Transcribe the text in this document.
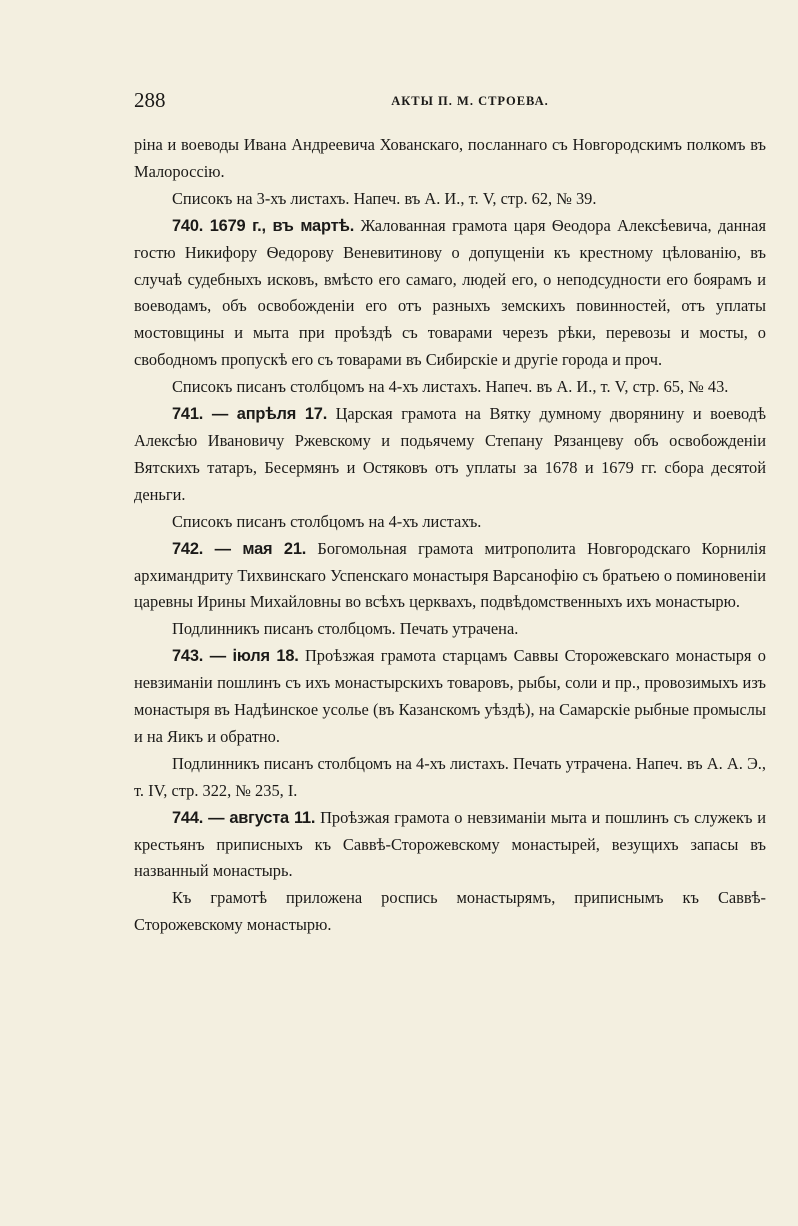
288	АКТЫ П. М. СТРОЕВА.

ріна и воеводы Ивана Андреевича Хованскаго, посланнаго съ Новгородскимъ полкомъ въ Малороссію.

Списокъ на 3-хъ листахъ. Напеч. въ А. И., т. V, стр. 62, № 39.

740. 1679 г., въ мартѣ. Жалованная грамота царя Ѳеодора Алексѣевича, данная гостю Никифору Ѳедорову Веневитинову о допущеніи къ крестному цѣлованію, въ случаѣ судебныхъ исковъ, вмѣсто его самаго, людей его, о неподсудности его боярамъ и воеводамъ, объ освобожденіи его отъ разныхъ земскихъ повинностей, отъ уплаты мостовщины и мыта при проѣздѣ съ товарами черезъ рѣки, перевозы и мосты, о свободномъ пропускѣ его съ товарами въ Сибирскіе и другіе города и проч.

Списокъ писанъ столбцомъ на 4-хъ листахъ. Напеч. въ А. И., т. V, стр. 65, № 43.

741. — апрѣля 17. Царская грамота на Вятку думному дворянину и воеводѣ Алексѣю Ивановичу Ржевскому и подьячему Степану Рязанцеву объ освобожденіи Вятскихъ татаръ, Бесермянъ и Остяковъ отъ уплаты за 1678 и 1679 гг. сбора десятой деньги.

Списокъ писанъ столбцомъ на 4-хъ листахъ.

742. — мая 21. Богомольная грамота митрополита Новгородскаго Корнилія архимандриту Тихвинскаго Успенскаго монастыря Варсанофію съ братьею о поминовеніи царевны Ирины Михайловны во всѣхъ церквахъ, подвѣдомственныхъ ихъ монастырю.

Подлинникъ писанъ столбцомъ. Печать утрачена.

743. — іюля 18. Проѣзжая грамота старцамъ Саввы Сторожевскаго монастыря о невзиманіи пошлинъ съ ихъ монастырскихъ товаровъ, рыбы, соли и пр., провозимыхъ изъ монастыря въ Надѣинское усолье (въ Казанскомъ уѣздѣ), на Самарскіе рыбные промыслы и на Яикъ и обратно.

Подлинникъ писанъ столбцомъ на 4-хъ листахъ. Печать утрачена. Напеч. въ А. А. Э., т. IV, стр. 322, № 235, I.

744. — августа 11. Проѣзжая грамота о невзиманіи мыта и пошлинъ съ служекъ и крестьянъ приписныхъ къ Саввѣ-Сторожевскому монастырей, везущихъ запасы въ названный монастырь.

Къ грамотѣ приложена роспись монастырямъ, приписнымъ къ Саввѣ-Сторожевскому монастырю.
